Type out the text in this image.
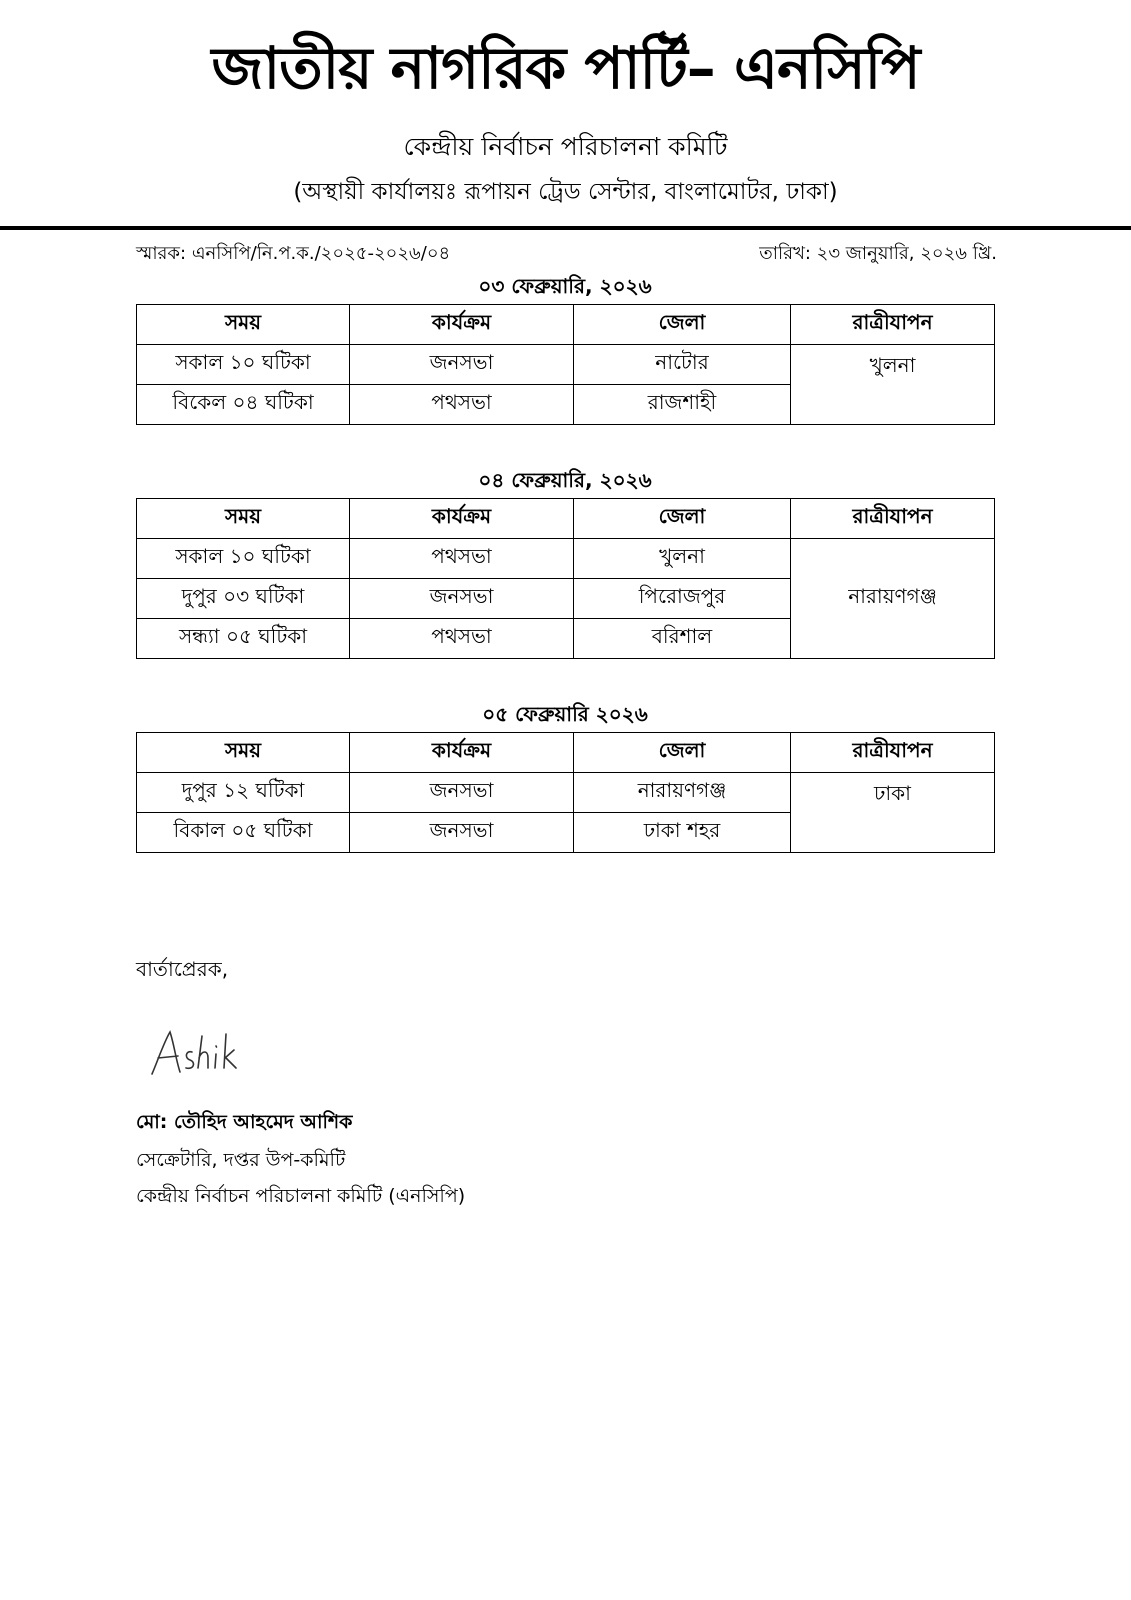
জাতীয় নাগরিক পার্টি– এনসিপি
কেন্দ্রীয় নির্বাচন পরিচালনা কমিটি
(অস্থায়ী কার্যালয়ঃ রূপায়ন ট্রেড সেন্টার, বাংলামোটর, ঢাকা)
স্মারক: এনসিপি/নি.প.ক./২০২৫-২০২৬/০৪	তারিখ: ২৩ জানুয়ারি, ২০২৬ খ্রি.
০৩ ফেব্রুয়ারি, ২০২৬
সময়	কার্যক্রম	জেলা	রাত্রীযাপন
সকাল ১০ ঘটিকা	জনসভা	নাটোর	খুলনা
বিকেল ০৪ ঘটিকা	পথসভা	রাজশাহী	
০৪ ফেব্রুয়ারি, ২০২৬
সময়	কার্যক্রম	জেলা	রাত্রীযাপন
সকাল ১০ ঘটিকা	পথসভা	খুলনা	নারায়ণগঞ্জ
দুপুর ০৩ ঘটিকা	জনসভা	পিরোজপুর	
সন্ধ্যা ০৫ ঘটিকা	পথসভা	বরিশাল	
০৫ ফেব্রুয়ারি ২০২৬
সময়	কার্যক্রম	জেলা	রাত্রীযাপন
দুপুর ১২ ঘটিকা	জনসভা	নারায়ণগঞ্জ	ঢাকা
বিকাল ০৫ ঘটিকা	জনসভা	ঢাকা শহর	
বার্তাপ্রেরক,
মো: তৌহিদ আহমেদ আশিক
সেক্রেটারি, দপ্তর উপ-কমিটি
কেন্দ্রীয় নির্বাচন পরিচালনা কমিটি (এনসিপি)
